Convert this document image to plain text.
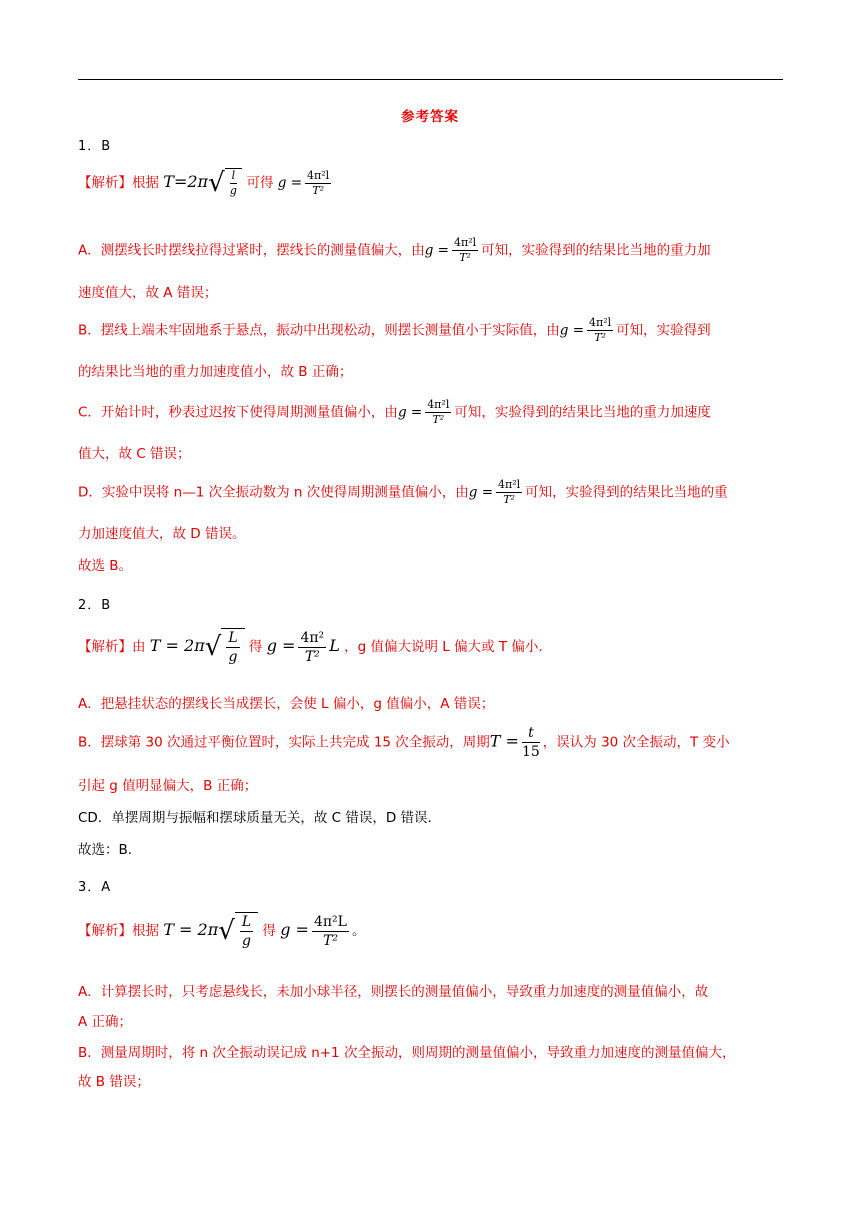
参考答案
1．B
【解析】根据 $T=2\pi√ \frac{l}{g}$ 可得 $g = \frac{\text{4π²l}}{\text{T²}}$
A．测摆线长时摆线拉得过紧时，摆线长的测量值偏大，由$g = \frac{\text{4π²l}}{\text{T²}}$ 可知，实验得到的结果比当地的重力加
速度值大，故 A 错误；
B．摆线上端未牢固地系于悬点，振动中出现松动，则摆长测量值小于实际值，由$g = \frac{\text{4π²l}}{\text{T²}}$ 可知，实验得到
的结果比当地的重力加速度值小，故 B 正确；
C．开始计时，秒表过迟按下使得周期测量值偏小，由$g = \frac{\text{4π²l}}{\text{T²}}$ 可知，实验得到的结果比当地的重力加速度
值大，故 C 错误；
D．实验中误将 n—1 次全振动数为 n 次使得周期测量值偏小，由$g = \frac{\text{4π²l}}{\text{T²}}$ 可知，实验得到的结果比当地的重
力加速度值大，故 D 错误。
故选 B。
2．B
【解析】由 $T = 2\pi√ \frac{L}{g}$ 得 $g = \frac{\text{4π²}}{\text{T²}}$ L ，g 值偏大说明 L 偏大或 T 偏小.
A．把悬挂状态的摆线长当成摆长，会使 L 偏小，g 值偏小，A 错误；
B．摆球第 30 次通过平衡位置时，实际上共完成 15 次全振动，周期$T = \frac{t}{15}$ ，误认为 30 次全振动，T 变小
引起 g 值明显偏大，B 正确；
CD．单摆周期与振幅和摆球质量无关，故 C 错误，D 错误.
故选：B.
3．A
【解析】根据 $T = 2\pi√ \frac{L}{g}$ 得 $g = \frac{\text{4π²L}}{\text{T²}}$ 。
A．计算摆长时，只考虑悬线长，未加小球半径，则摆长的测量值偏小，导致重力加速度的测量值偏小，故
A 正确；
B．测量周期时，将 n 次全振动误记成 n+1 次全振动，则周期的测量值偏小，导致重力加速度的测量值偏大，
故 B 错误；
